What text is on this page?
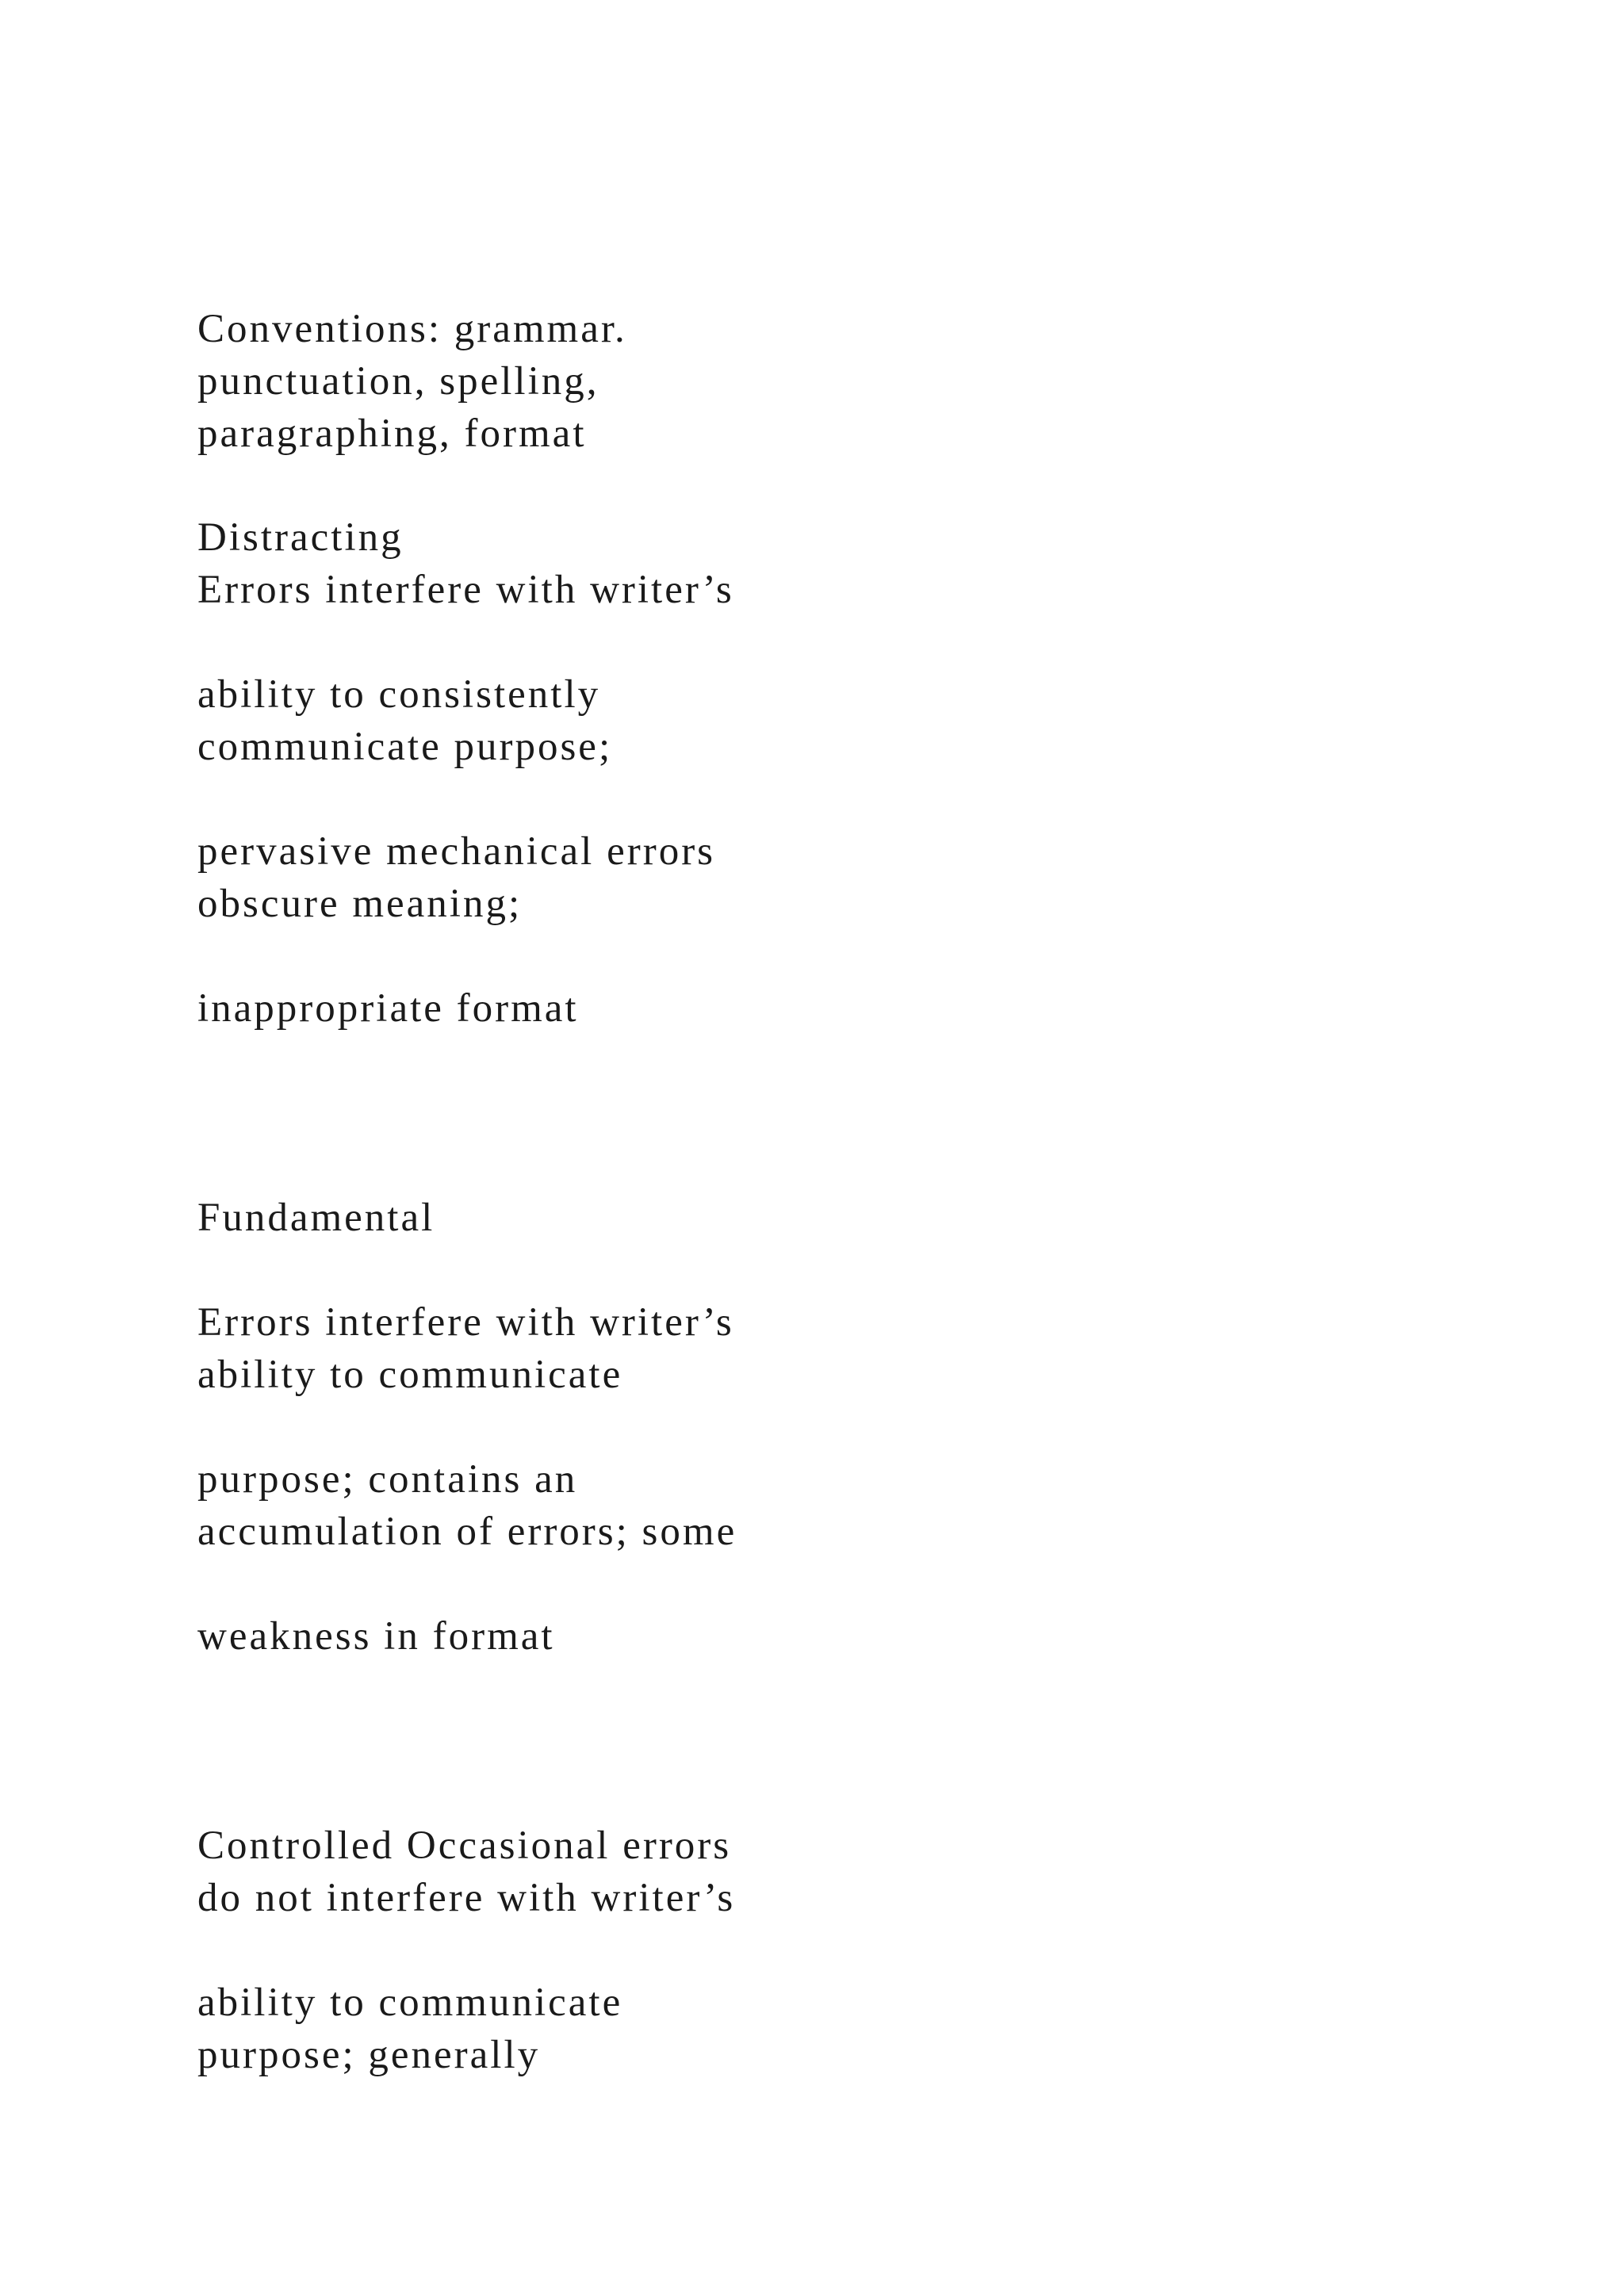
Conventions: grammar.
punctuation, spelling,
paragraphing, format
Distracting
Errors interfere with writer’s
ability to consistently
communicate purpose;
pervasive mechanical errors
obscure meaning;
inappropriate format
Fundamental
Errors interfere with writer’s
ability to communicate
purpose; contains an
accumulation of errors; some
weakness in format
Controlled Occasional errors
do not interfere with writer’s
ability to communicate
purpose; generally
